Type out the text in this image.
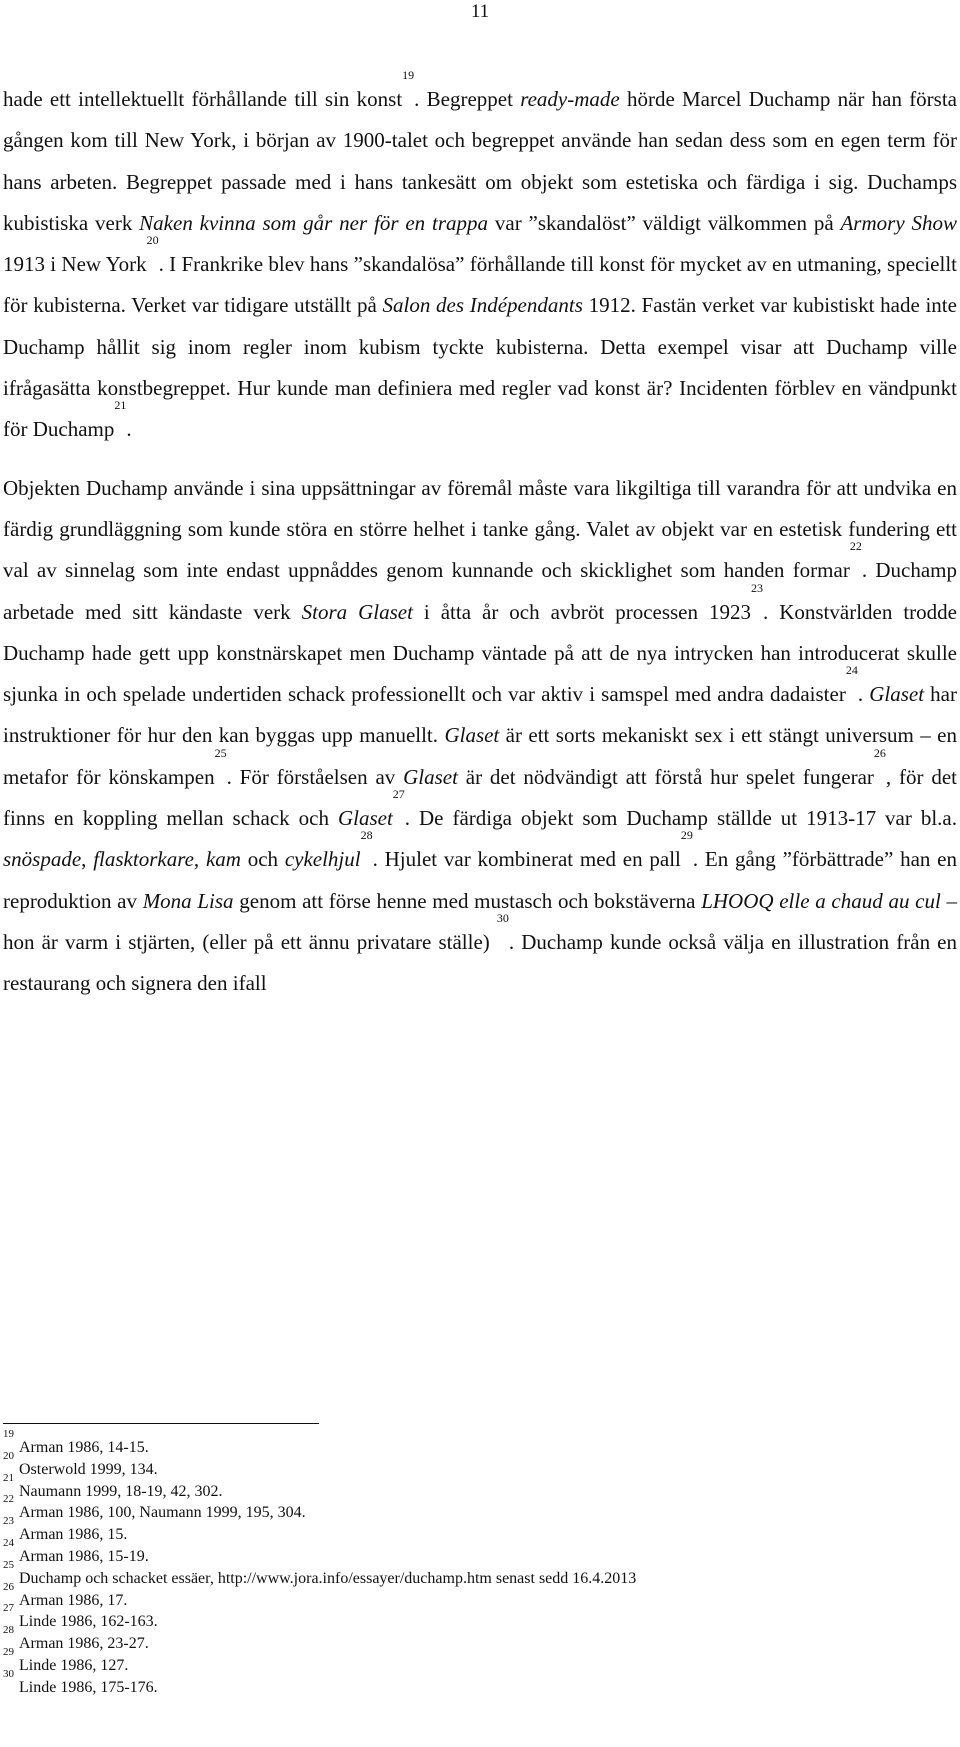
11

hade ett intellektuellt förhållande till sin konst$^{19}$. Begreppet ready-made hörde Marcel Duchamp när han första gången kom till New York, i början av 1900-talet och begreppet använde han sedan dess som en egen term för hans arbeten. Begreppet passade med i hans tankesätt om objekt som estetiska och färdiga i sig. Duchamps kubistiska verk Naken kvinna som går ner för en trappa var ”skandalöst” väldigt välkommen på Armory Show 1913 i New York$^{20}$. I Frankrike blev hans ”skandalösa” förhållande till konst för mycket av en utmaning, speciellt för kubisterna. Verket var tidigare utställt på Salon des Indépendants 1912. Fastän verket var kubistiskt hade inte Duchamp hållit sig inom regler inom kubism tyckte kubisterna. Detta exempel visar att Duchamp ville ifrågasätta konstbegreppet. Hur kunde man definiera med regler vad konst är? Incidenten förblev en vändpunkt för Duchamp$^{21}$.

Objekten Duchamp använde i sina uppsättningar av föremål måste vara likgiltiga till varandra för att undvika en färdig grundläggning som kunde störa en större helhet i tanke gång. Valet av objekt var en estetisk fundering ett val av sinnelag som inte endast uppnåddes genom kunnande och skicklighet som handen formar$^{22}$. Duchamp arbetade med sitt kändaste verk Stora Glaset i åtta år och avbröt processen 1923$^{23}$. Konstvärlden trodde Duchamp hade gett upp konstnärskapet men Duchamp väntade på att de nya intrycken han introducerat skulle sjunka in och spelade undertiden schack professionellt och var aktiv i samspel med andra dadaister$^{24}$. Glaset har instruktioner för hur den kan byggas upp manuellt. Glaset är ett sorts mekaniskt sex i ett stängt universum – en metafor för könskampen$^{25}$. För förståelsen av Glaset är det nödvändigt att förstå hur spelet fungerar$^{26}$, för det finns en koppling mellan schack och Glaset$^{27}$. De färdiga objekt som Duchamp ställde ut 1913-17 var bl.a. snöspade, flasktorkare, kam och cykelhjul$^{28}$. Hjulet var kombinerat med en pall$^{29}$. En gång ”förbättrade” han en reproduktion av Mona Lisa genom att förse henne med mustasch och bokstäverna LHOOQ elle a chaud au cul – hon är varm i stjärten, (eller på ett ännu privatare ställe) $^{30}$. Duchamp kunde också välja en illustration från en restaurang och signera den ifall

$^{19}$Arman 1986, 14-15.
$^{20}$Osterwold 1999, 134.
$^{21}$Naumann 1999, 18-19, 42, 302.
$^{22}$Arman 1986, 100, Naumann 1999, 195, 304.
$^{23}$Arman 1986, 15.
$^{24}$Arman 1986, 15-19.
$^{25}$Duchamp och schacket essäer, http://www.jora.info/essayer/duchamp.htm senast sedd 16.4.2013
$^{26}$Arman 1986, 17.
$^{27}$Linde 1986, 162-163.
$^{28}$Arman 1986, 23-27.
$^{29}$Linde 1986, 127.
$^{30}$Linde 1986, 175-176.
